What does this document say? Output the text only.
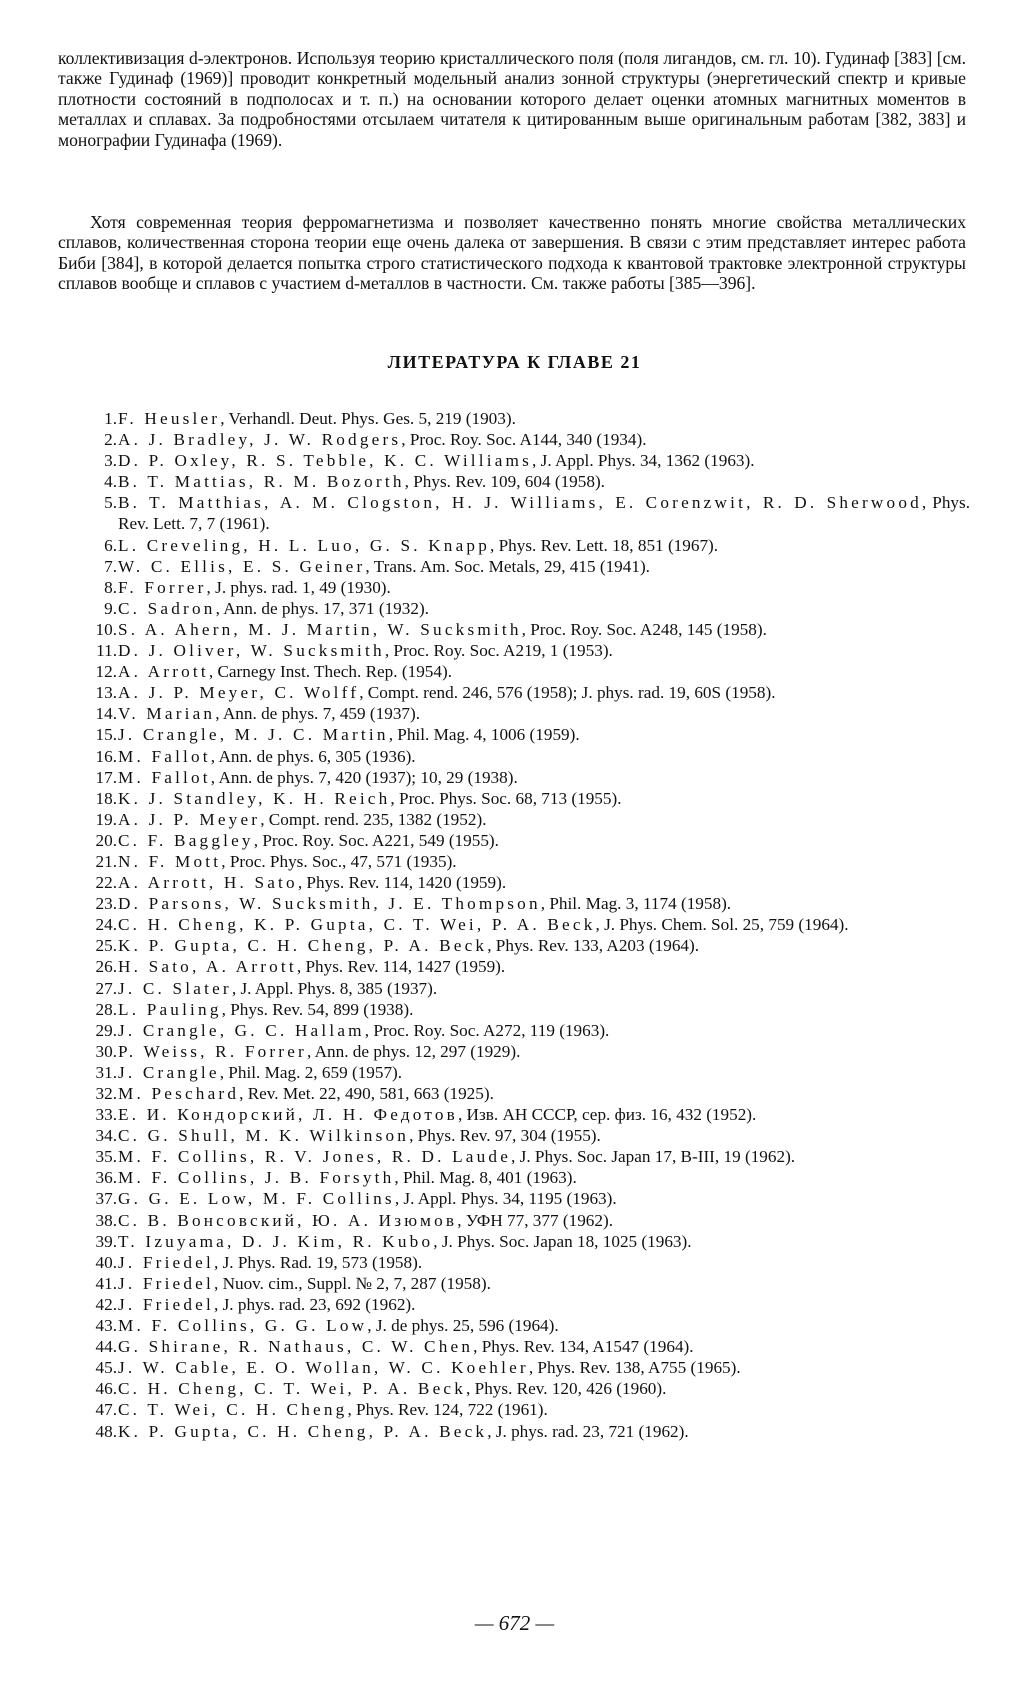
коллективизация d-электронов. Используя теорию кристаллического поля (поля лигандов, см. гл. 10). Гудинаф [383] [см. также Гудинаф (1969)] проводит конкретный модельный анализ зонной структуры (энергетический спектр и кривые плотности состояний в подполосах и т. п.) на основании которого делает оценки атомных магнитных моментов в металлах и сплавах. За подробностями отсылаем читателя к цитированным выше оригинальным работам [382, 383] и монографии Гудинафа (1969).

Хотя современная теория ферромагнетизма и позволяет качественно понять многие свойства металлических сплавов, количественная сторона теории еще очень далека от завершения. В связи с этим представляет интерес работа Биби [384], в которой делается попытка строго статистического подхода к квантовой трактовке электронной структуры сплавов вообще и сплавов с участием d-металлов в частности. См. также работы [385—396].

ЛИТЕРАТУРА К ГЛАВЕ 21
1. F. Heusler, Verhandl. Deut. Phys. Ges. 5, 219 (1903).
2. A. J. Bradley, J. W. Rodgers, Proc. Roy. Soc. A144, 340 (1934).
3. D. P. Oxley, R. S. Tebble, K. C. Williams, J. Appl. Phys. 34, 1362 (1963).
4. B. T. Mattias, R. M. Bozorth, Phys. Rev. 109, 604 (1958).
5. B. T. Matthias, A. M. Clogston, H. J. Williams, E. Corenzwit, R. D. Sherwood, Phys. Rev. Lett. 7, 7 (1961).
6. L. Creveling, H. L. Luo, G. S. Knapp, Phys. Rev. Lett. 18, 851 (1967).
7. W. C. Ellis, E. S. Geiner, Trans. Am. Soc. Metals, 29, 415 (1941).
8. F. Forrer, J. phys. rad. 1, 49 (1930).
9. C. Sadron, Ann. de phys. 17, 371 (1932).
10. S. A. Ahern, M. J. Martin, W. Sucksmith, Proc. Roy. Soc. A248, 145 (1958).
11. D. J. Oliver, W. Sucksmith, Proc. Roy. Soc. A219, 1 (1953).
12. A. Arrott, Carnegy Inst. Thech. Rep. (1954).
13. A. J. P. Meyer, C. Wolff, Compt. rend. 246, 576 (1958); J. phys. rad. 19, 60S (1958).
14. V. Marian, Ann. de phys. 7, 459 (1937).
15. J. Crangle, M. J. C. Martin, Phil. Mag. 4, 1006 (1959).
16. M. Fallot, Ann. de phys. 6, 305 (1936).
17. M. Fallot, Ann. de phys. 7, 420 (1937); 10, 29 (1938).
18. K. J. Standley, K. H. Reich, Proc. Phys. Soc. 68, 713 (1955).
19. A. J. P. Meyer, Compt. rend. 235, 1382 (1952).
20. C. F. Baggley, Proc. Roy. Soc. A221, 549 (1955).
21. N. F. Mott, Proc. Phys. Soc., 47, 571 (1935).
22. A. Arrott, H. Sato, Phys. Rev. 114, 1420 (1959).
23. D. Parsons, W. Sucksmith, J. E. Thompson, Phil. Mag. 3, 1174 (1958).
24. C. H. Cheng, K. P. Gupta, C. T. Wei, P. A. Beck, J. Phys. Chem. Sol. 25, 759 (1964).
25. K. P. Gupta, C. H. Cheng, P. A. Beck, Phys. Rev. 133, A203 (1964).
26. H. Sato, A. Arrott, Phys. Rev. 114, 1427 (1959).
27. J. C. Slater, J. Appl. Phys. 8, 385 (1937).
28. L. Pauling, Phys. Rev. 54, 899 (1938).
29. J. Crangle, G. C. Hallam, Proc. Roy. Soc. A272, 119 (1963).
30. P. Weiss, R. Forrer, Ann. de phys. 12, 297 (1929).
31. J. Crangle, Phil. Mag. 2, 659 (1957).
32. M. Peschard, Rev. Met. 22, 490, 581, 663 (1925).
33. Е. И. Кондорский, Л. Н. Федотов, Изв. АН СССР, сер. физ. 16, 432 (1952).
34. C. G. Shull, M. K. Wilkinson, Phys. Rev. 97, 304 (1955).
35. M. F. Collins, R. V. Jones, R. D. Laude, J. Phys. Soc. Japan 17, B-III, 19 (1962).
36. M. F. Collins, J. B. Forsyth, Phil. Mag. 8, 401 (1963).
37. G. G. E. Low, M. F. Collins, J. Appl. Phys. 34, 1195 (1963).
38. С. В. Вонсовский, Ю. А. Изюмов, УФН 77, 377 (1962).
39. T. Izuyama, D. J. Kim, R. Kubo, J. Phys. Soc. Japan 18, 1025 (1963).
40. J. Friedel, J. Phys. Rad. 19, 573 (1958).
41. J. Friedel, Nuov. cim., Suppl. № 2, 7, 287 (1958).
42. J. Friedel, J. phys. rad. 23, 692 (1962).
43. M. F. Collins, G. G. Low, J. de phys. 25, 596 (1964).
44. G. Shirane, R. Nathaus, C. W. Chen, Phys. Rev. 134, A1547 (1964).
45. J. W. Cable, E. O. Wollan, W. C. Koehler, Phys. Rev. 138, A755 (1965).
46. C. H. Cheng, C. T. Wei, P. A. Beck, Phys. Rev. 120, 426 (1960).
47. C. T. Wei, C. H. Cheng, Phys. Rev. 124, 722 (1961).
48. K. P. Gupta, C. H. Cheng, P. A. Beck, J. phys. rad. 23, 721 (1962).
— 672 —
